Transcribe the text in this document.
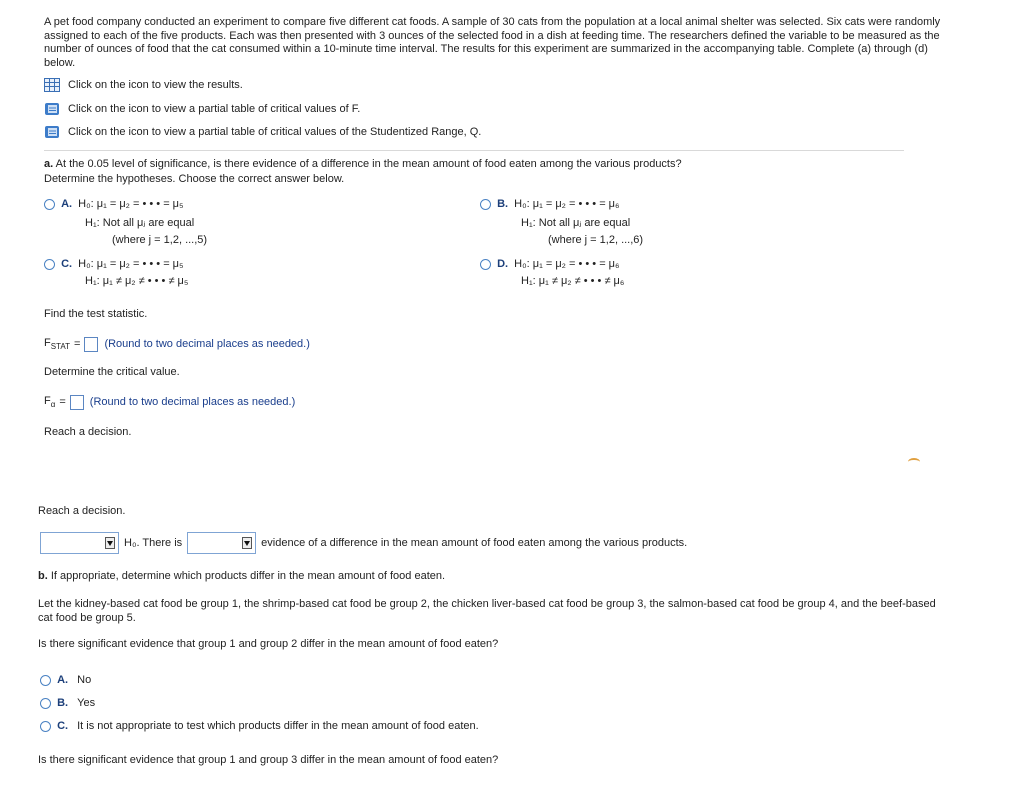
A pet food company conducted an experiment to compare five different cat foods. A sample of 30 cats from the population at a local animal shelter was selected. Six cats were randomly assigned to each of the five products. Each was then presented with 3 ounces of the selected food in a dish at feeding time. The researchers defined the variable to be measured as the number of ounces of food that the cat consumed within a 10-minute time interval. The results for this experiment are summarized in the accompanying table. Complete (a) through (d) below.
Click on the icon to view the results.
Click on the icon to view a partial table of critical values of F.
Click on the icon to view a partial table of critical values of the Studentized Range, Q.
a. At the 0.05 level of significance, is there evidence of a difference in the mean amount of food eaten among the various products?
Determine the hypotheses. Choose the correct answer below.
A. H₀: μ₁ = μ₂ = • • • = μ₅
H₁: Not all μⱼ are equal
(where j = 1,2, ...,5)
B. H₀: μ₁ = μ₂ = • • • = μ₆
H₁: Not all μⱼ are equal
(where j = 1,2, ...,6)
C. H₀: μ₁ = μ₂ = • • • = μ₅
H₁: μ₁ ≠ μ₂ ≠ • • • ≠ μ₅
D. H₀: μ₁ = μ₂ = • • • = μ₆
H₁: μ₁ ≠ μ₂ ≠ • • • ≠ μ₆
Find the test statistic.
$F_{STAT}$ = (Round to two decimal places as needed.)
Determine the critical value.
$F_\alpha$ = (Round to two decimal places as needed.)
Reach a decision.
Reach a decision.
H₀. There is	evidence of a difference in the mean amount of food eaten among the various products.
b. If appropriate, determine which products differ in the mean amount of food eaten.
Let the kidney-based cat food be group 1, the shrimp-based cat food be group 2, the chicken liver-based cat food be group 3, the salmon-based cat food be group 4, and the beef-based cat food be group 5.
Is there significant evidence that group 1 and group 2 differ in the mean amount of food eaten?
A. No
B. Yes
C. It is not appropriate to test which products differ in the mean amount of food eaten.
Is there significant evidence that group 1 and group 3 differ in the mean amount of food eaten?
